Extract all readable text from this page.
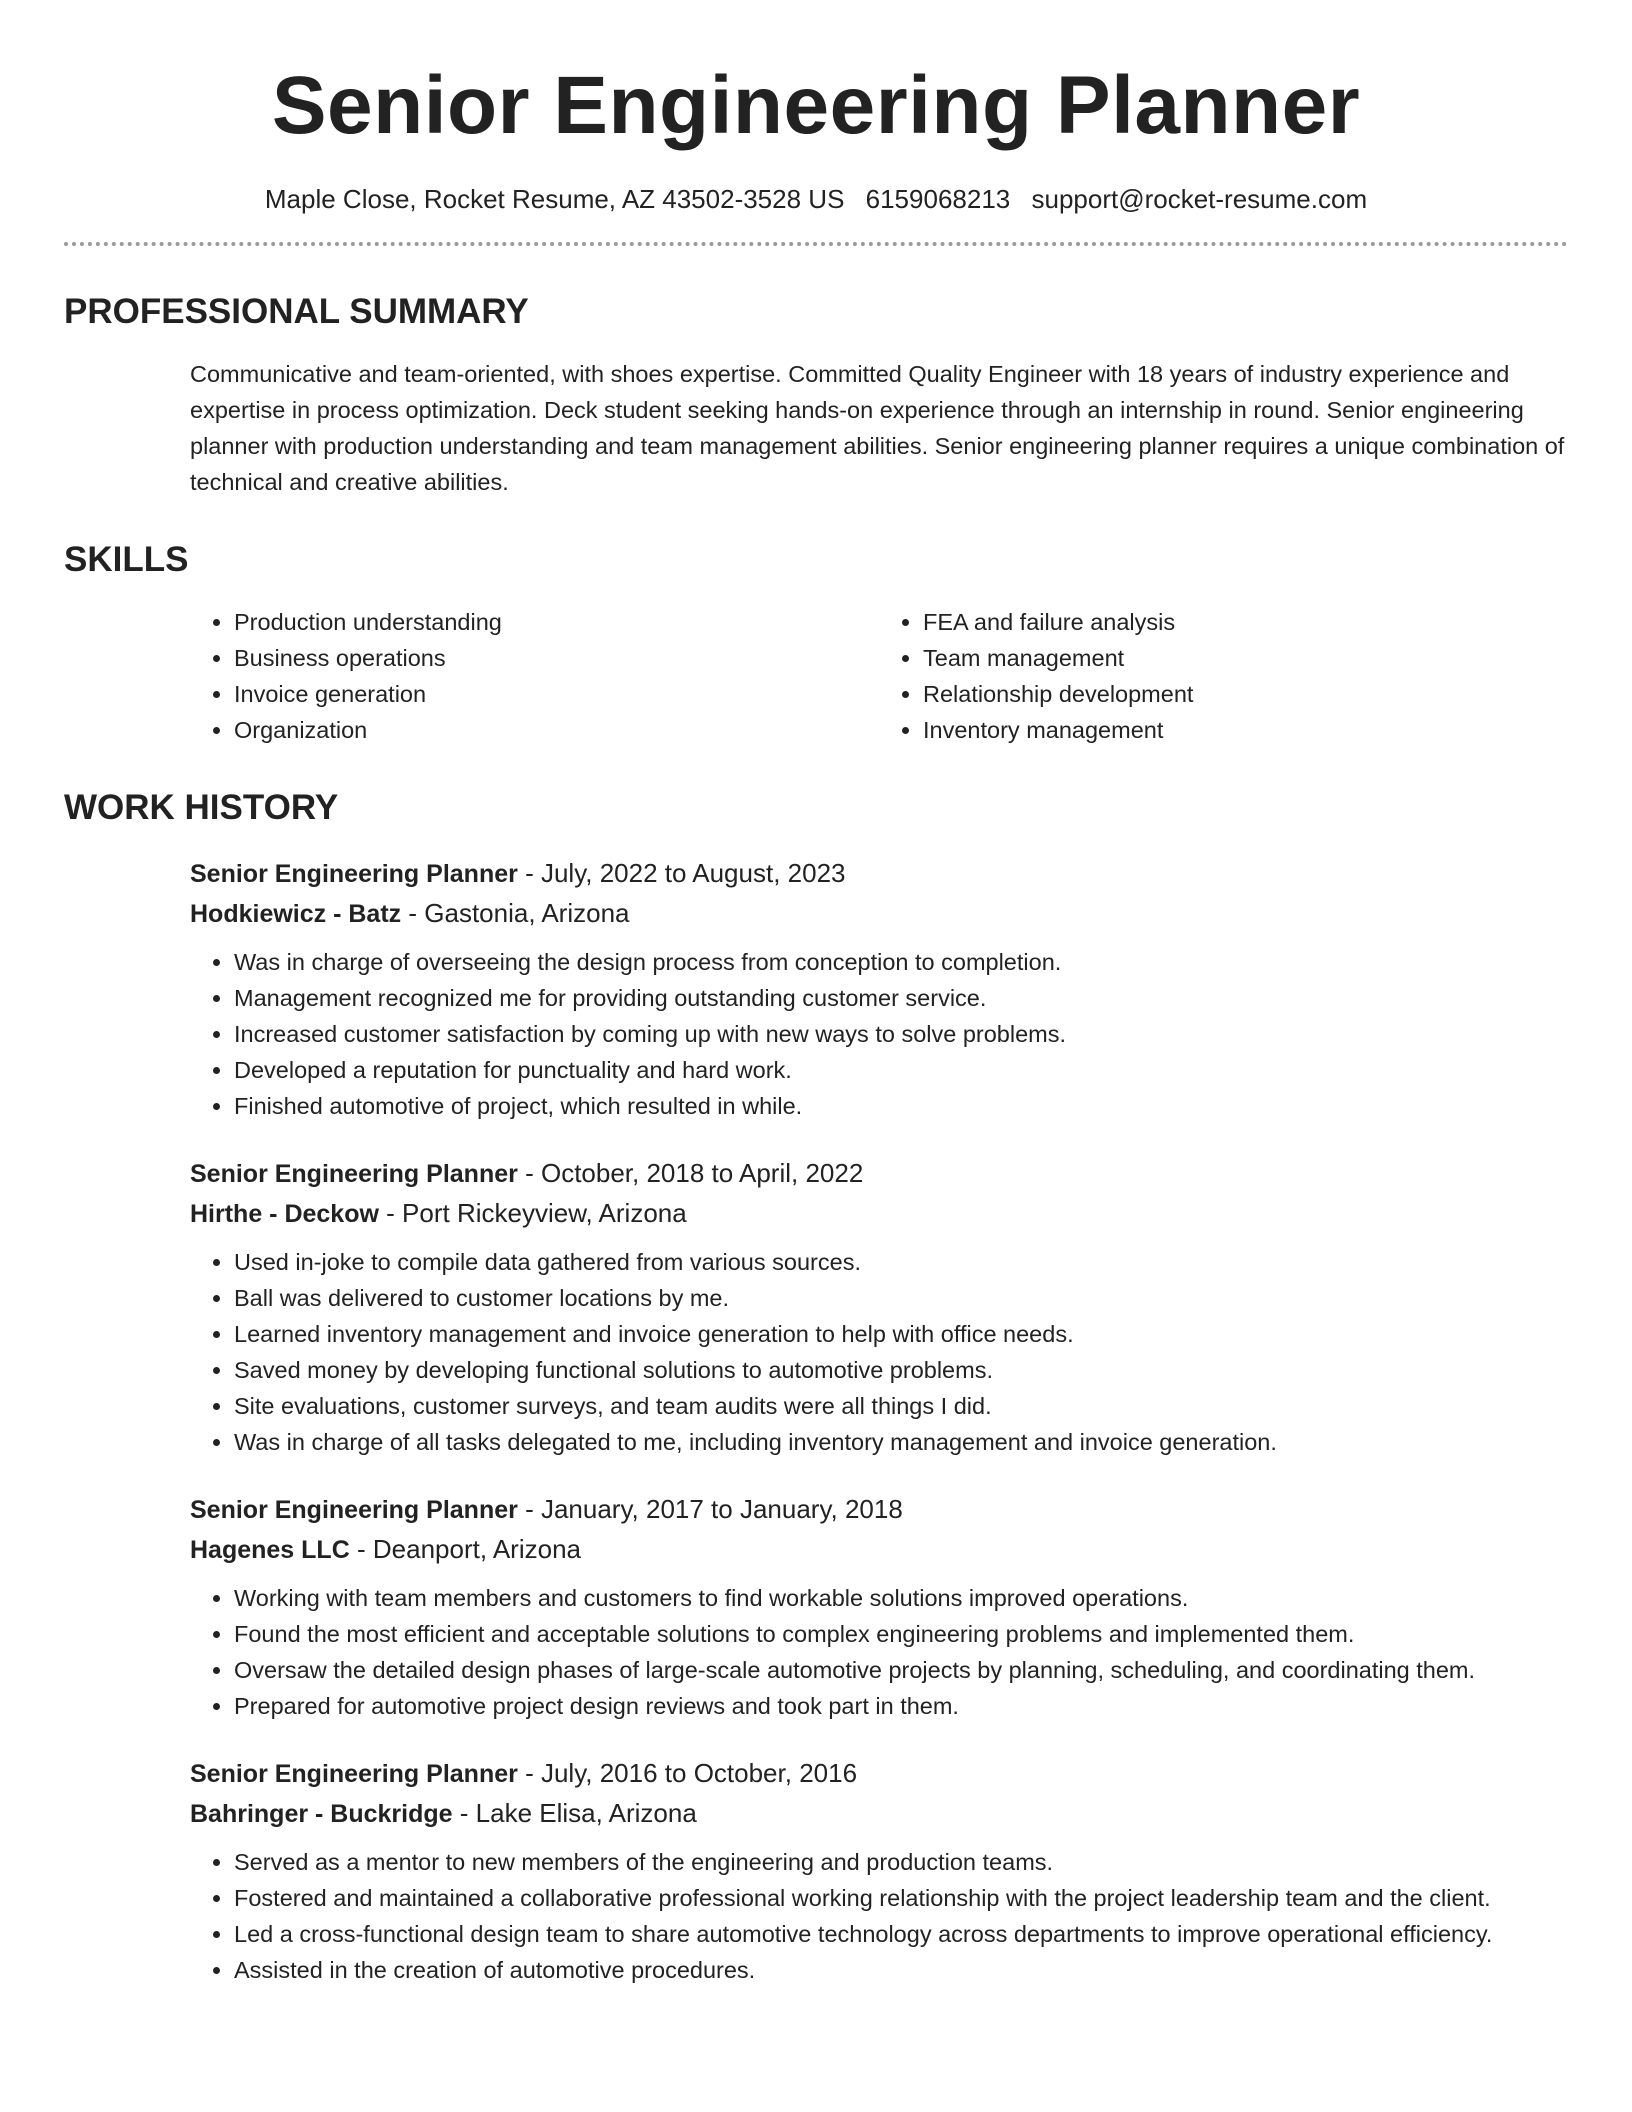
Senior Engineering Planner
Maple Close, Rocket Resume, AZ 43502-3528 US 6159068213 support@rocket-resume.com
PROFESSIONAL SUMMARY
Communicative and team-oriented, with shoes expertise. Committed Quality Engineer with 18 years of industry experience and expertise in process optimization. Deck student seeking hands-on experience through an internship in round. Senior engineering planner with production understanding and team management abilities. Senior engineering planner requires a unique combination of technical and creative abilities.
SKILLS
• Production understanding
• Business operations
• Invoice generation
• Organization
• FEA and failure analysis
• Team management
• Relationship development
• Inventory management
WORK HISTORY
Senior Engineering Planner - July, 2022 to August, 2023
Hodkiewicz - Batz - Gastonia, Arizona
• Was in charge of overseeing the design process from conception to completion.
• Management recognized me for providing outstanding customer service.
• Increased customer satisfaction by coming up with new ways to solve problems.
• Developed a reputation for punctuality and hard work.
• Finished automotive of project, which resulted in while.
Senior Engineering Planner - October, 2018 to April, 2022
Hirthe - Deckow - Port Rickeyview, Arizona
• Used in-joke to compile data gathered from various sources.
• Ball was delivered to customer locations by me.
• Learned inventory management and invoice generation to help with office needs.
• Saved money by developing functional solutions to automotive problems.
• Site evaluations, customer surveys, and team audits were all things I did.
• Was in charge of all tasks delegated to me, including inventory management and invoice generation.
Senior Engineering Planner - January, 2017 to January, 2018
Hagenes LLC - Deanport, Arizona
• Working with team members and customers to find workable solutions improved operations.
• Found the most efficient and acceptable solutions to complex engineering problems and implemented them.
• Oversaw the detailed design phases of large-scale automotive projects by planning, scheduling, and coordinating them.
• Prepared for automotive project design reviews and took part in them.
Senior Engineering Planner - July, 2016 to October, 2016
Bahringer - Buckridge - Lake Elisa, Arizona
• Served as a mentor to new members of the engineering and production teams.
• Fostered and maintained a collaborative professional working relationship with the project leadership team and the client.
• Led a cross-functional design team to share automotive technology across departments to improve operational efficiency.
• Assisted in the creation of automotive procedures.
